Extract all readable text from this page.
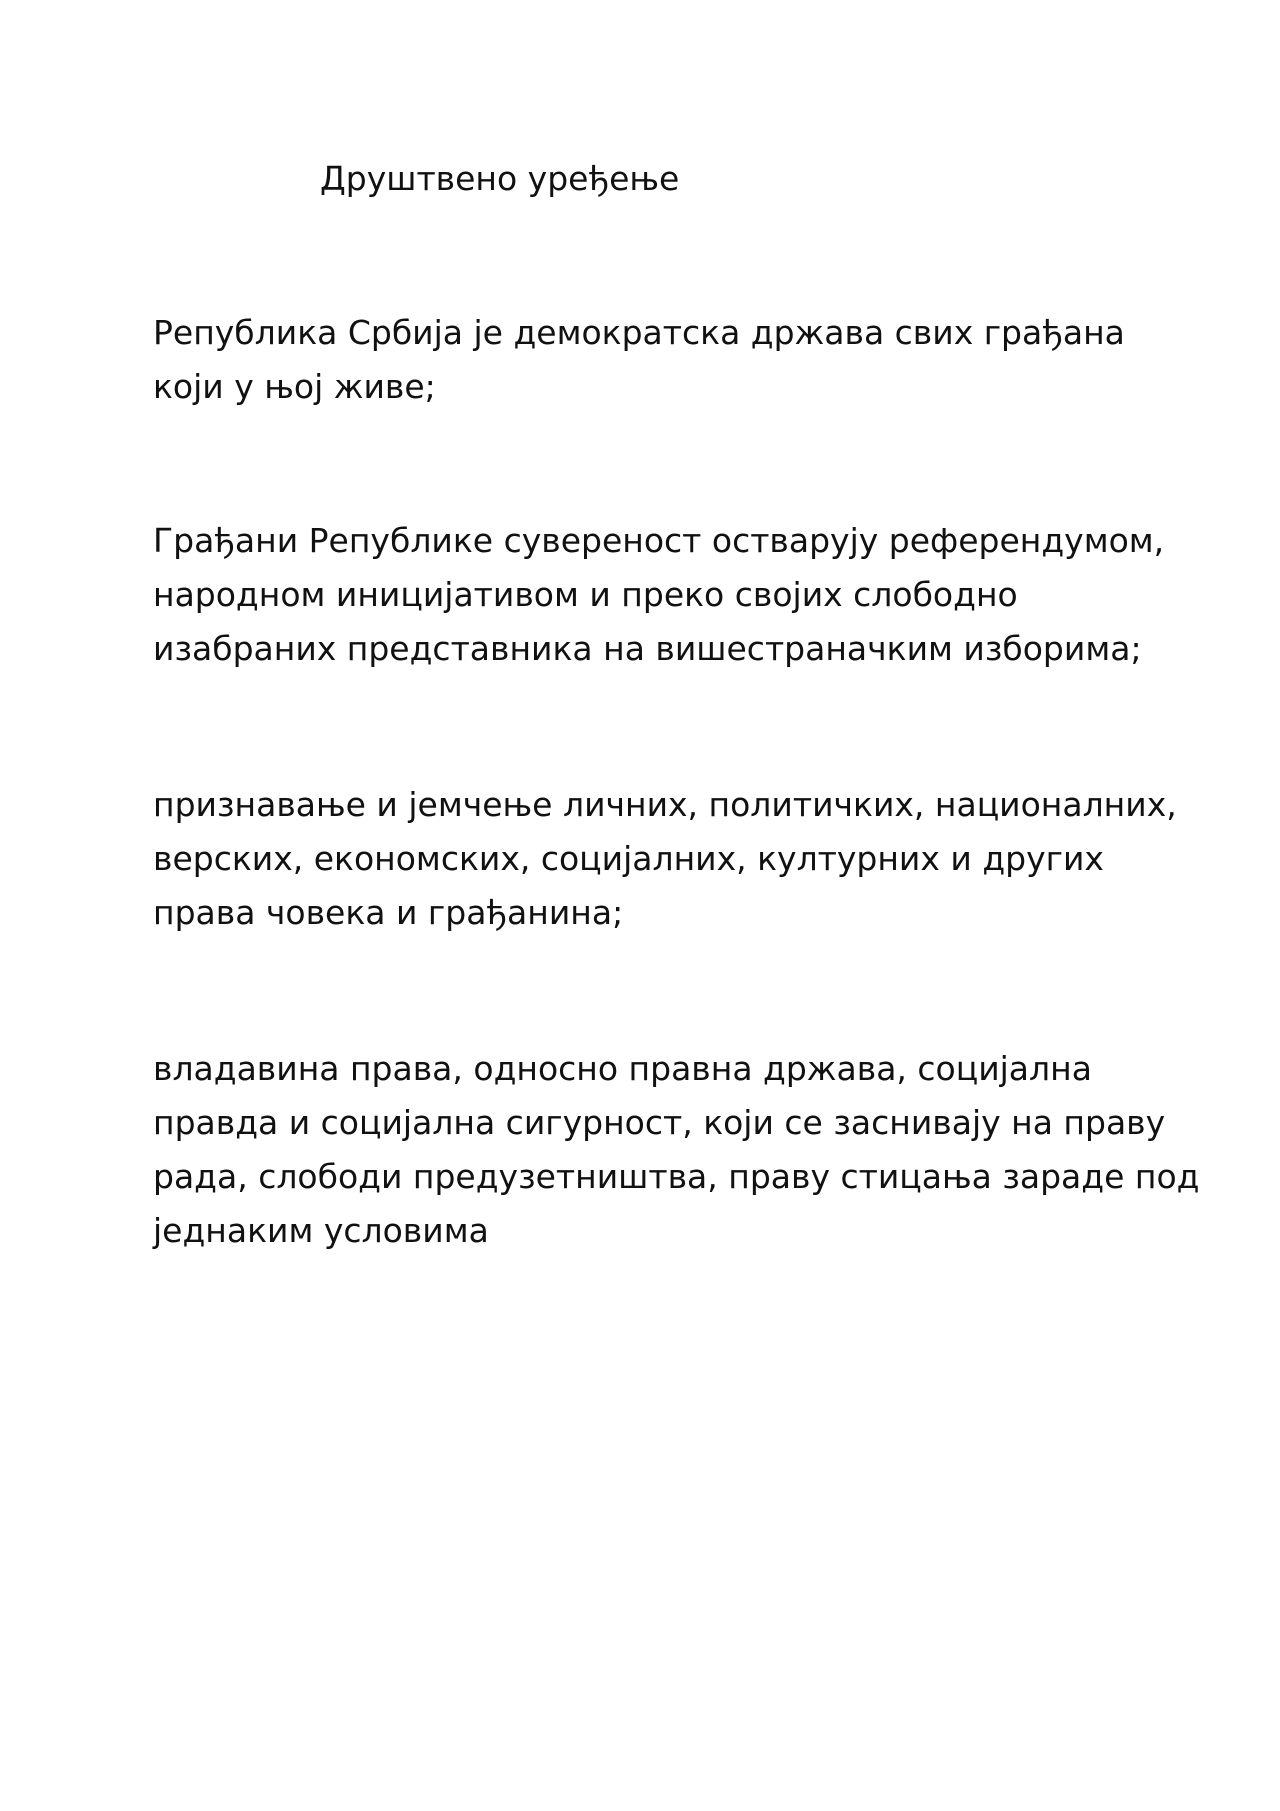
Друштвено уређење

Република Србија је демократска држава свих грађана
који у њој живе;

Грађани Републике сувереност остварују референдумом,
народном иницијативом и преко својих слободно
изабраних представника на вишестраначким изборима;

признавање и јемчење личних, политичких, националних,
верских, економских, социјалних, културних и других
права човека и грађанина;

владавина права, односно правна држава, социјална
правда и социјална сигурност, који се заснивају на праву
рада, слободи предузетништва, праву стицања зараде под
једнаким условима
